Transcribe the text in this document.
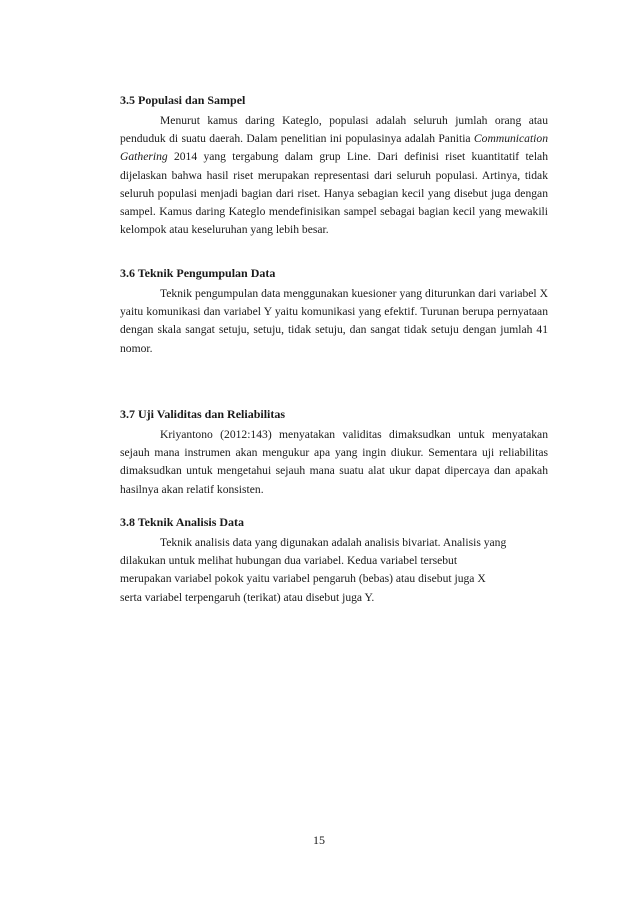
3.5 Populasi dan Sampel

Menurut kamus daring Kateglo, populasi adalah seluruh jumlah orang atau penduduk di suatu daerah. Dalam penelitian ini populasinya adalah Panitia Communication Gathering 2014 yang tergabung dalam grup Line. Dari definisi riset kuantitatif telah dijelaskan bahwa hasil riset merupakan representasi dari seluruh populasi. Artinya, tidak seluruh populasi menjadi bagian dari riset. Hanya sebagian kecil yang disebut juga dengan sampel. Kamus daring Kateglo mendefinisikan sampel sebagai bagian kecil yang mewakili kelompok atau keseluruhan yang lebih besar.

3.6 Teknik Pengumpulan Data

Teknik pengumpulan data menggunakan kuesioner yang diturunkan dari variabel X yaitu komunikasi dan variabel Y yaitu komunikasi yang efektif. Turunan berupa pernyataan dengan skala sangat setuju, setuju, tidak setuju, dan sangat tidak setuju dengan jumlah 41 nomor.

3.7 Uji Validitas dan Reliabilitas

Kriyantono (2012:143) menyatakan validitas dimaksudkan untuk menyatakan sejauh mana instrumen akan mengukur apa yang ingin diukur. Sementara uji reliabilitas dimaksudkan untuk mengetahui sejauh mana suatu alat ukur dapat dipercaya dan apakah hasilnya akan relatif konsisten.

3.8 Teknik Analisis Data

Teknik analisis data yang digunakan adalah analisis bivariat. Analisis yang
dilakukan untuk melihat hubungan dua variabel. Kedua variabel tersebut
merupakan variabel pokok yaitu variabel pengaruh (bebas) atau disebut juga X
serta variabel terpengaruh (terikat) atau disebut juga Y.

15
